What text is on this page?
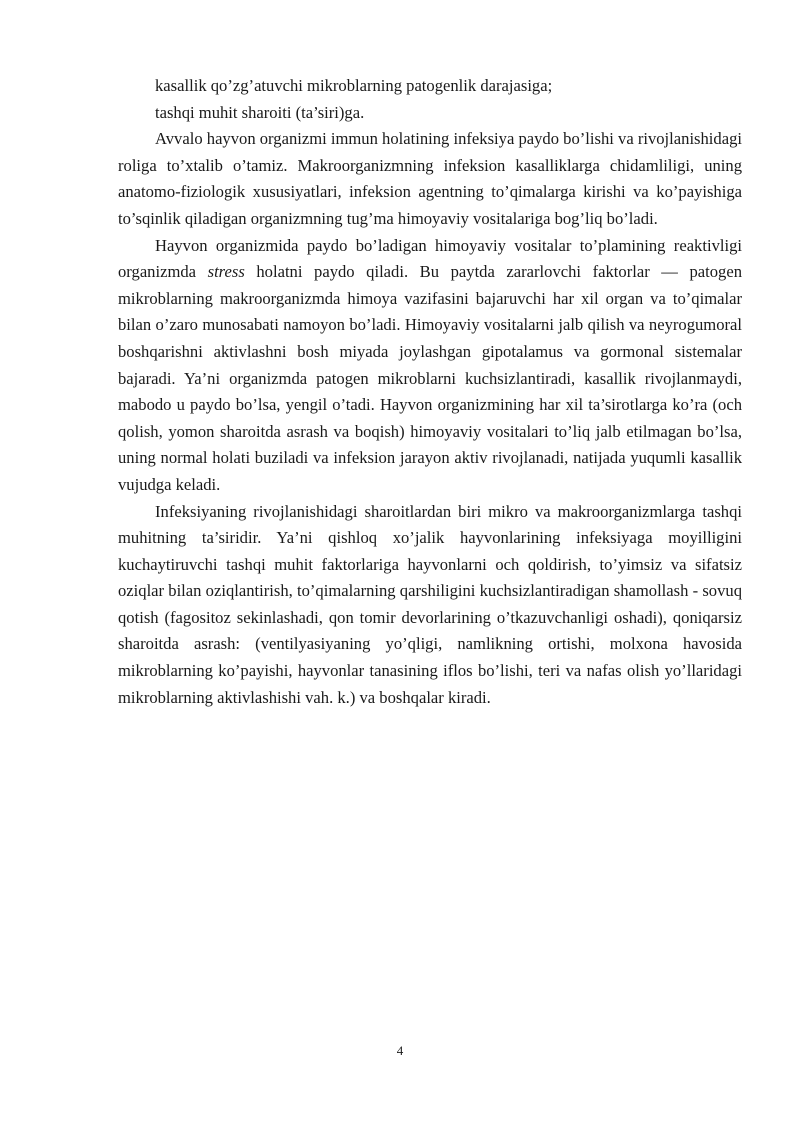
kasallik qo’zg’atuvchi mikroblarning patogenlik darajasiga;

tashqi muhit sharoiti (ta’siri)ga.

Avvalo hayvon organizmi immun holatining infeksiya paydo bo’lishi va rivojlanishidagi roliga to’xtalib o’tamiz. Makroorganizmning infeksion kasalliklarga chidamliligi, uning anatomo-fiziologik xususiyatlari, infeksion agentning to’qimalarga kirishi va ko’payishiga to’sqinlik qiladigan organizmning tug’ma himoyaviy vositalariga bog’liq bo’ladi.

Hayvon organizmida paydo bo’ladigan himoyaviy vositalar to’plamining reaktivligi organizmda stress holatni paydo qiladi. Bu paytda zararlovchi faktorlar — patogen mikroblarning makroorganizmda himoya vazifasini bajaruvchi har xil organ va to’qimalar bilan o’zaro munosabati namoyon bo’ladi. Himoyaviy vositalarni jalb qilish va neyrogumoral boshqarishni aktivlashni bosh miyada joylashgan gipotalamus va gormonal sistemalar bajaradi. Ya’ni organizmda patogen mikroblarni kuchsizlantiradi, kasallik rivojlanmaydi, mabodo u paydo bo’lsa, yengil o’tadi. Hayvon organizmining har xil ta’sirotlarga ko’ra (och qolish, yomon sharoitda asrash va boqish) himoyaviy vositalari to’liq jalb etilmagan bo’lsa, uning normal holati buziladi va infeksion jarayon aktiv rivojlanadi, natijada yuqumli kasallik vujudga keladi.

Infeksiyaning rivojlanishidagi sharoitlardan biri mikro va makroorganizmlarga tashqi muhitning ta’siridir. Ya’ni qishloq xo’jalik hayvonlarining infeksiyaga moyilligini kuchaytiruvchi tashqi muhit faktorlariga hayvonlarni och qoldirish, to’yimsiz va sifatsiz oziqlar bilan oziqlantirish, to’qimalarning qarshiligini kuchsizlantiradigan shamollash - sovuq qotish (fagositoz sekinlashadi, qon tomir devorlarining o’tkazuvchanligi oshadi), qoniqarsiz sharoitda asrash: (ventilyasiyaning yo’qligi, namlikning ortishi, molxona havosida mikroblarning ko’payishi, hayvonlar tanasining iflos bo’lishi, teri va nafas olish yo’llaridagi mikroblarning aktivlashishi vah. k.) va boshqalar kiradi.

4
